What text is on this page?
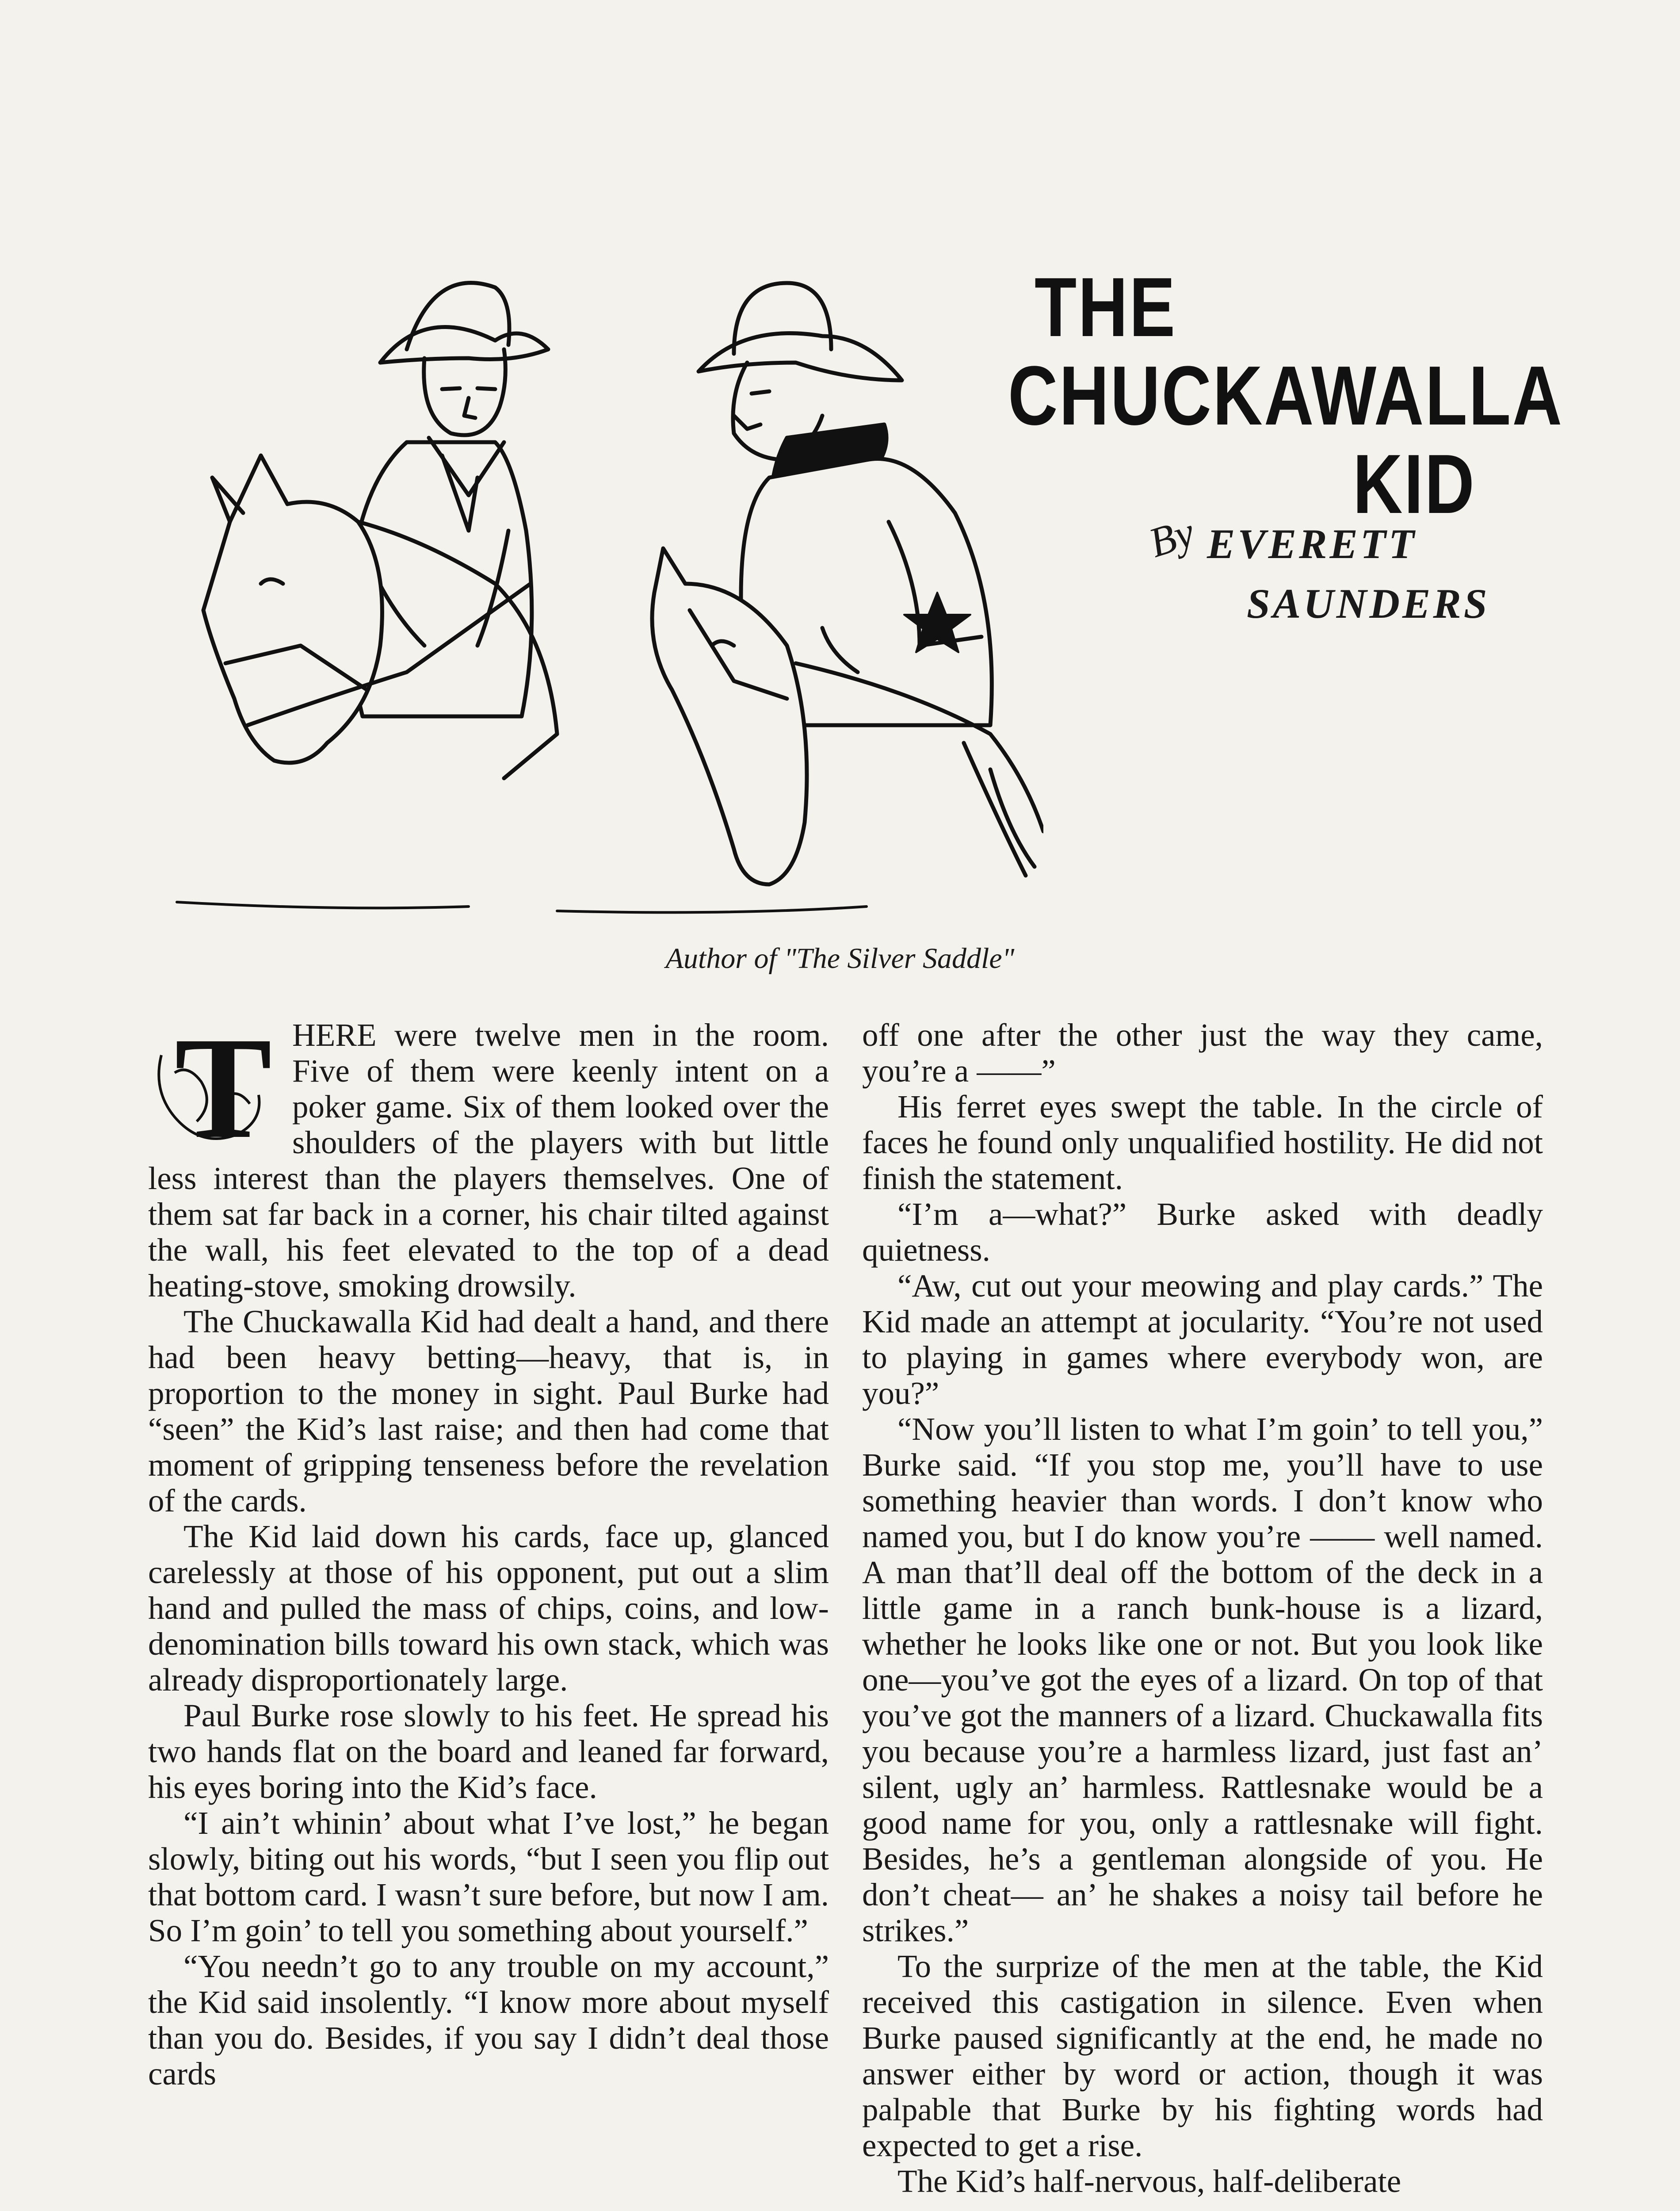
THE
CHUCKAWALLA
KID
By EVERETT
SAUNDERS
Author of "The Silver Saddle"
T HERE were twelve men in the room. Five of them were keenly intent on a poker game. Six of them looked over the shoulders of the players with but little less interest than the players themselves. One of them sat far back in a corner, his chair tilted against the wall, his feet elevated to the top of a dead heating-stove, smoking drowsily.

The Chuckawalla Kid had dealt a hand, and there had been heavy betting—heavy, that is, in proportion to the money in sight. Paul Burke had “seen” the Kid’s last raise; and then had come that moment of gripping tenseness before the revelation of the cards.

The Kid laid down his cards, face up, glanced carelessly at those of his opponent, put out a slim hand and pulled the mass of chips, coins, and low-denomination bills toward his own stack, which was already disproportionately large.

Paul Burke rose slowly to his feet. He spread his two hands flat on the board and leaned far forward, his eyes boring into the Kid’s face.

“I ain’t whinin’ about what I’ve lost,” he began slowly, biting out his words, “but I seen you flip out that bottom card. I wasn’t sure before, but now I am. So I’m goin’ to tell you something about yourself.”

“You needn’t go to any trouble on my account,” the Kid said insolently. “I know more about myself than you do. Besides, if you say I didn’t deal those cards

off one after the other just the way they came, you’re a ——”

His ferret eyes swept the table. In the circle of faces he found only unqualified hostility. He did not finish the statement.

“I’m a—what?” Burke asked with deadly quietness.

“Aw, cut out your meowing and play cards.” The Kid made an attempt at jocularity. “You’re not used to playing in games where everybody won, are you?”

“Now you’ll listen to what I’m goin’ to tell you,” Burke said. “If you stop me, you’ll have to use something heavier than words. I don’t know who named you, but I do know you’re —— well named. A man that’ll deal off the bottom of the deck in a little game in a ranch bunk-house is a lizard, whether he looks like one or not. But you look like one—you’ve got the eyes of a lizard. On top of that you’ve got the manners of a lizard. Chuckawalla fits you because you’re a harmless lizard, just fast an’ silent, ugly an’ harmless. Rattlesnake would be a good name for you, only a rattlesnake will fight. Besides, he’s a gentleman alongside of you. He don’t cheat— an’ he shakes a noisy tail before he strikes.”

To the surprize of the men at the table, the Kid received this castigation in silence. Even when Burke paused significantly at the end, he made no answer either by word or action, though it was palpable that Burke by his fighting words had expected to get a rise.

The Kid’s half-nervous, half-deliberate
